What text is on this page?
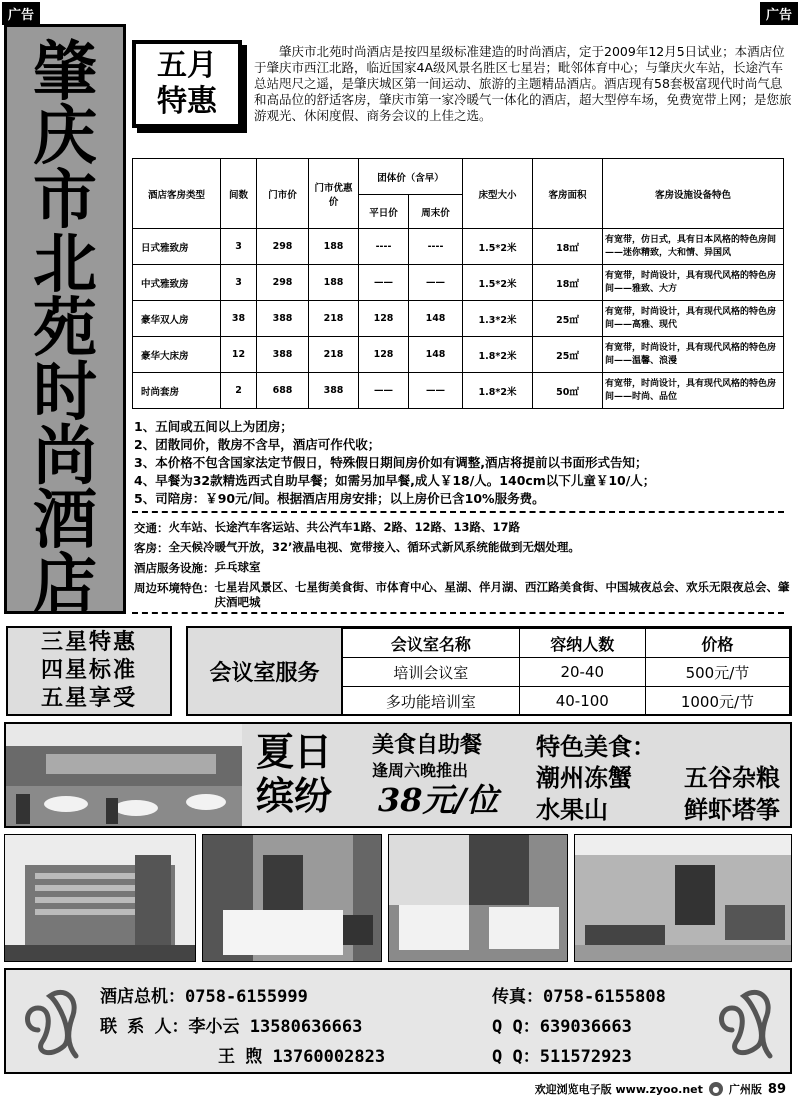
广告	广告
肇
庆
市
北
苑
时
尚
酒
店
五月
特惠

肇庆市北苑时尚酒店是按四星级标准建造的时尚酒店，定于2009年12月5日试业；本酒店位于肇庆市西江北路，临近国家4A级风景名胜区七星岩；毗邻体育中心；与肇庆火车站，长途汽车总站咫尺之遥，是肇庆城区第一间运动、旅游的主题精品酒店。酒店现有58套极富现代时尚气息和高品位的舒适客房，肇庆市第一家冷暖气一体化的酒店，超大型停车场，免费宽带上网；是您旅游观光、休闲度假、商务会议的上佳之选。

酒店客房类型	间数	门市价	门市优惠价	团体价（含早）		床型大小	客房面积	客房设施设备特色
				平日价	周末价			
日式雅致房	3	298	188	----	----	1.5*2米	18㎡	有宽带，仿日式，具有日本风格的特色房间——迷你精致，大和情、异国风
中式雅致房	3	298	188	——	——	1.5*2米	18㎡	有宽带，时尚设计，具有现代风格的特色房间——雅致、大方
豪华双人房	38	388	218	128	148	1.3*2米	25㎡	有宽带，时尚设计，具有现代风格的特色房间——高雅、现代
豪华大床房	12	388	218	128	148	1.8*2米	25㎡	有宽带，时尚设计，具有现代风格的特色房间——温馨、浪漫
时尚套房	2	688	388	——	——	1.8*2米	50㎡	有宽带，时尚设计，具有现代风格的特色房间——时尚、品位
1、五间或五间以上为团房；
2、团散同价，散房不含早，酒店可作代收；
3、本价格不包含国家法定节假日，特殊假日期间房价如有调整,酒店将提前以书面形式告知；
4、早餐为32款精选西式自助早餐；如需另加早餐,成人￥18/人。140cm以下儿童￥10/人；
5、司陪房：￥90元/间。根据酒店用房安排；以上房价已含10%服务费。
交通： 火车站、长途汽车客运站、共公汽车1路、2路、12路、13路、17路
客房： 全天候冷暖气开放，32’液晶电视、宽带接入、循环式新风系统能做到无烟处理。
酒店服务设施： 乒乓球室
周边环境特色： 七星岩风景区、七星街美食街、市体育中心、星湖、伴月湖、西江路美食街、中国城夜总会、欢乐无限夜总会、肇庆酒吧城
三星特惠
四星标准
五星享受
会议室服务
会议室名称	容纳人数	价格
培训会议室	20-40	500元/节
多功能培训室	40-100	1000元/节
夏日
缤纷
美食自助餐
逢周六晚推出
38元/位
特色美食：
潮州冻蟹	五谷杂粮
水果山	鲜虾塔筝
酒店总机：0758-6155999	传真：0758-6155808
联 系 人：李小云 13580636663	Q Q：639036663
王 煦 13760002823	Q Q：511572923
欢迎浏览电子版 www.zyoo.net	● 广州版 89
